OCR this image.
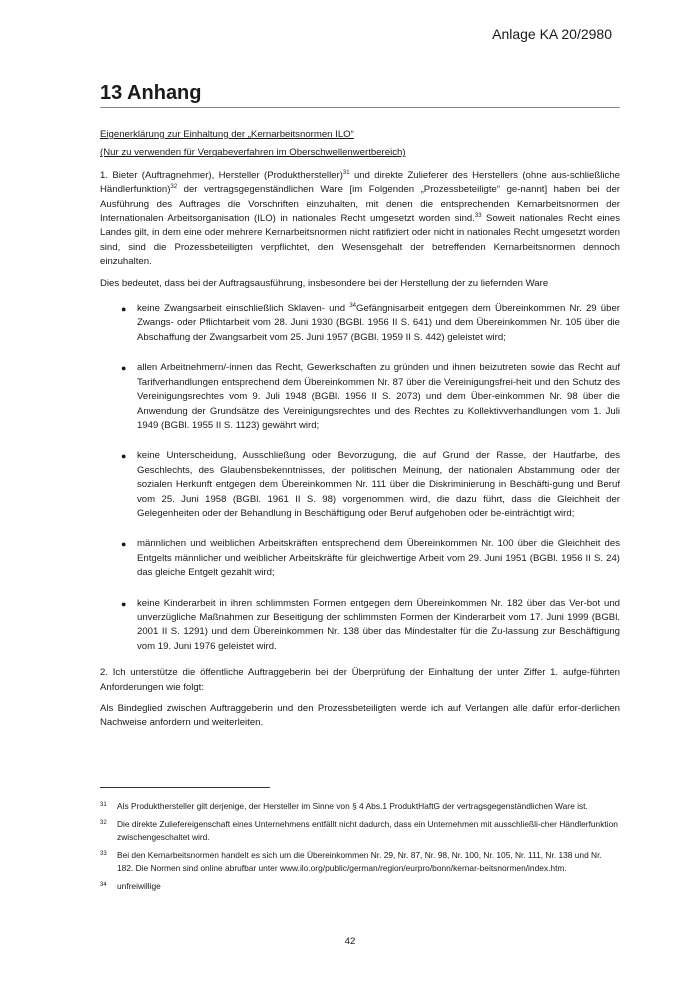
Anlage KA 20/2980
13 Anhang

Eigenerklärung zur Einhaltung der „Kernarbeitsnormen ILO“

(Nur zu verwenden für Vergabeverfahren im Oberschwellenwertbereich)

1. Bieter (Auftragnehmer), Hersteller (Produkthersteller)$^{31}$ und direkte Zulieferer des Herstellers (ohne aus-schließliche Händlerfunktion)$^{32}$ der vertragsgegenständlichen Ware [im Folgenden „Prozessbeteiligte“ ge-nannt] haben bei der Ausführung des Auftrages die Vorschriften einzuhalten, mit denen die entsprechenden Kernarbeitsnormen der Internationalen Arbeitsorganisation (ILO) in nationales Recht umgesetzt worden sind.$^{33}$ Soweit nationales Recht eines Landes gilt, in dem eine oder mehrere Kernarbeitsnormen nicht ratifiziert oder nicht in nationales Recht umgesetzt worden sind, sind die Prozessbeteiligten verpflichtet, den Wesensgehalt der betreffenden Kernarbeitsnormen dennoch einzuhalten.

Dies bedeutet, dass bei der Auftragsausführung, insbesondere bei der Herstellung der zu liefernden Ware

● keine Zwangsarbeit einschließlich Sklaven- und $^{34}$Gefängnisarbeit entgegen dem Übereinkommen Nr. 29 über Zwangs- oder Pflichtarbeit vom 28. Juni 1930 (BGBl. 1956 II S. 641) und dem Übereinkommen Nr. 105 über die Abschaffung der Zwangsarbeit vom 25. Juni 1957 (BGBl. 1959 II S. 442) geleistet wird;
● allen Arbeitnehmern/-innen das Recht, Gewerkschaften zu gründen und ihnen beizutreten sowie das Recht auf Tarifverhandlungen entsprechend dem Übereinkommen Nr. 87 über die Vereinigungsfrei-heit und den Schutz des Vereinigungsrechtes vom 9. Juli 1948 (BGBl. 1956 II S. 2073) und dem Über-einkommen Nr. 98 über die Anwendung der Grundsätze des Vereinigungsrechtes und des Rechtes zu Kollektivverhandlungen vom 1. Juli 1949 (BGBl. 1955 II S. 1123) gewährt wird;
● keine Unterscheidung, Ausschließung oder Bevorzugung, die auf Grund der Rasse, der Hautfarbe, des Geschlechts, des Glaubensbekenntnisses, der politischen Meinung, der nationalen Abstammung oder der sozialen Herkunft entgegen dem Übereinkommen Nr. 111 über die Diskriminierung in Beschäfti-gung und Beruf vom 25. Juni 1958 (BGBl. 1961 II S. 98) vorgenommen wird, die dazu führt, dass die Gleichheit der Gelegenheiten oder der Behandlung in Beschäftigung oder Beruf aufgehoben oder be-einträchtigt wird;
● männlichen und weiblichen Arbeitskräften entsprechend dem Übereinkommen Nr. 100 über die Gleichheit des Entgelts männlicher und weiblicher Arbeitskräfte für gleichwertige Arbeit vom 29. Juni 1951 (BGBl. 1956 II S. 24) das gleiche Entgelt gezahlt wird;
● keine Kinderarbeit in ihren schlimmsten Formen entgegen dem Übereinkommen Nr. 182 über das Ver-bot und unverzügliche Maßnahmen zur Beseitigung der schlimmsten Formen der Kinderarbeit vom 17. Juni 1999 (BGBl. 2001 II S. 1291) und dem Übereinkommen Nr. 138 über das Mindestalter für die Zu-lassung zur Beschäftigung vom 19. Juni 1976 geleistet wird.

2. Ich unterstütze die öffentliche Auftraggeberin bei der Überprüfung der Einhaltung der unter Ziffer 1. aufge-führten Anforderungen wie folgt:

Als Bindeglied zwischen Auftraggeberin und den Prozessbeteiligten werde ich auf Verlangen alle dafür erfor-derlichen Nachweise anfordern und weiterleiten.

31 Als Produkthersteller gilt derjenige, der Hersteller im Sinne von § 4 Abs.1 ProduktHaftG der vertragsgegenständlichen Ware ist.
32 Die direkte Zuliefereigenschaft eines Unternehmens entfällt nicht dadurch, dass ein Unternehmen mit ausschließli-cher Händlerfunktion zwischengeschaltet wird.
33 Bei den Kernarbeitsnormen handelt es sich um die Übereinkommen Nr. 29, Nr. 87, Nr. 98, Nr. 100, Nr. 105, Nr. 111, Nr. 138 und Nr. 182. Die Normen sind online abrufbar unter www.ilo.org/public/german/region/eurpro/bonn/kernar-beitsnormen/index.htm.
34 unfreiwillige
42
